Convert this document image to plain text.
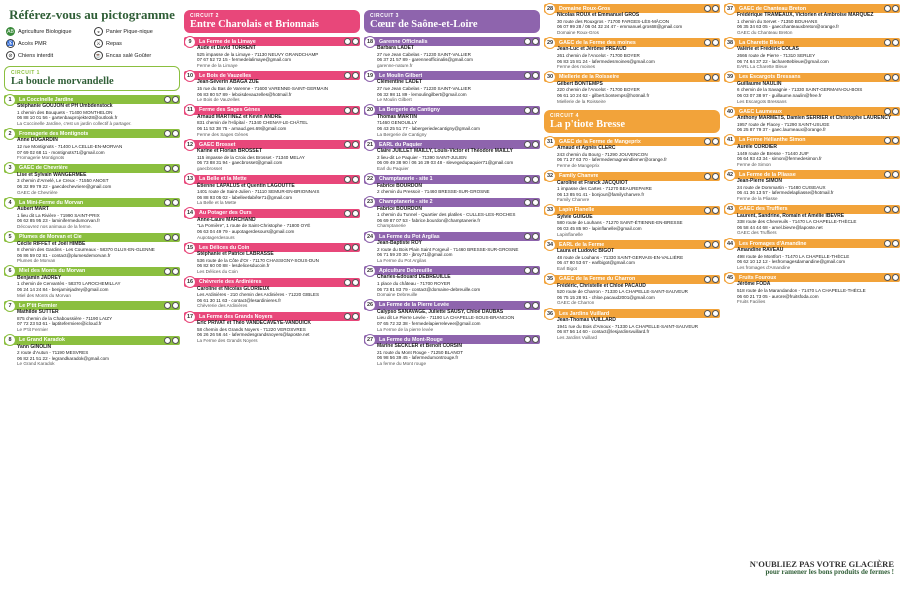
Référez-vous au pictogramme
AB Agriculture Biologique	◒	Panier Pique-nique
♿ Accès PMR	⚔ Repas
⊘ Chiens interdit	☕ Encas salé Goûter
CIRCUIT 1
La boucle morvandelle
1	La Coccinelle Jardine
Stéphanie GOUJON et PH Umbdenstock
1 chemin des Bouquets - 71400 MONTHELON
06 88 10 01 56 - gartenbauprojekte28@outlook.fr
La Coccinelle Jardine, c'est un jardin collectif à partager.
2	Fromagerie des Montignots
Anne DUGARDIN
12 rue Montignots - 71400 LA CELLE-EN-MORVAN
07 69 02 68 11 - montignots71@gmail.com
Fromagerie Montignots
3	GAEC de Chevrière
Lise et Sylvain WANGERMEE
3 chemin d'Arnelé, Le Creux - 71550 ANOST
06 32 99 79 22 - gaecdechevriere@gmail.com
GAEC de Chevrière
4	La Mini-Ferme du Morvan
Aubert MART
1 lieu dit La Rivière - 71990 SAINT-PRIX
06 62 85 95 23 - laminifermedumorvan.fr
Découvrez nos animaux de la ferme.
5	Plumes de Morvan et Cie
Cécile RIFFET et Joël HIMBE
8 chemin des Gardins - Les Courreaux - 58370 GLUX-EN-GLENNE
06 86 59 02 81 - contact@plumesdemorvan.fr
Plumes de Morvan
6	Miel des Monts du Morvan
Benjamin JADREY
1 chemin de Cervantès - 58370 LAROCHEMILLAY
06 24 14 24 84 - benjaminjadrey@gmail.com
Miel des Monts du Morvan
7	Le P'tit Fermier
Mathilde SUTTER
875 chemin de la Chaboussière - 71190 LAIZY
07 72 23 53 61 - laptitefermiere@icloud.fr
Le P'tit Fermier
8	Le Grand Karadok
Yann GINOLIN
2 route d'Autun - 71190 MESVRES
06 82 21 51 22 - legrandkaradok@gmail.com
Le Grand Karadok
CIRCUIT 2
Entre Charolais et Brionnais
9	La Ferme de la Limaye
Aude et David TORRENT
525 impasse de la Limaye - 71130 NEUVY GRANDCHAMP
07 67 52 72 15 - fermedelalimaye@gmail.com
Ferme de la Limaye
10	Le Bois de Vauzelles
Jean-Séverin ABAGA ZUE
15 rue du Bas de Varenne - 71600 VARENNE-SAINT-GERMAIN
06 83 80 57 89 - leboisdevauzelles@hotmail.fr
Le Bois de Vauzelles
11	Ferme des Sages Gènes
Arnaud MARTINEZ et Kevin ANDRE
831 chemin de l'Hôpital - 71340 CHENAY-LE-CHÂTEL
06 11 53 38 75 - arnaud.ges.69@gmail.com
Ferme des Sages Gènes
12	GAEC Brosset
Karine et Florian BROSSET
115 impasse de la Croix des Brosset - 71340 MELAY
06 73 88 31 94 - gaecbrosset@gmail.com
gaecbrosset
13	La Belle et la Mette
Étienne LAPALUS et Quentin LAGOUTTE
1401 route de Saint-Julien - 71110 SEMUR-EN-BRIONNAIS
06 88 93 05 02 - labelleetlabête71@gmail.com
La Belle et la Mette
14	Au Potager des Ours
Anne-Laure MARCHAND
"La Pomière", 1 route de Saint-Christophe - 71800 OYÉ
06 63 04 49 79 - aupotagerdesours@gmail.com
Aupotagerdesours
15	Les Délices du Coin
Stéphanie et Patrice LABRASSE
536 route de la Côte d'Or - 71170 CHASSIGNY-SOUS-DUN
06 82 60 00 88 - lesdelicesducoin.fr
Les Délices du Coin
16	Chèvrerie des Ardinières
Caroline et Nicolas GLORIEUX
Les Ardinières - 210 chemin des Ardinières - 71220 GIBLES
06 61 30 11 63 - contact@lesardinieres.fr
Chèvrerie des Ardinières
17	La Ferme des Grands Noyers
Eric PRIVAT et Théo VANDECAVEYE-VANDUICK
58 chemin des Grands Noyers - 71220 VEROSVRES
06 26 26 56 44 - lafermedesgrandsnoyers@laposte.net
La Ferme des Grands Noyers
CIRCUIT 3
Cœur de Saône-et-Loire
18	Garenne Officinalis
Barbara LADET
27 rue Jean Cabelas - 71230 SAINT-VALLIER
06 37 21 57 89 - garenneofficinalis@gmail.com
garenne-nature.fr
19	Le Moulin Gilbert
Clémentine LADET
27 rue Jean Cabelas - 71230 SAINT-VALLIER
06 32 98 11 89 - lemoulingilbert@gmail.com
Le Moulin Gilbert
20	La Bergerie de Cantigny
Thomas MARTIN
71460 GENOUILLY
06 43 25 51 77 - labergeriedecantigny@gmail.com
La Bergerie de Cantigny
21	EARL du Paquier
Claire JUILLET MAILLY, Louis-Victor et Théodore MAILLY
2 lieu-dit Le Paquier - 71390 SAINT-JULIEN
06 09 49 38 90 / 06 16 29 03 48 - slevegedupaquier71@gmail.com
Earl du Paquier
22	Champtanerie - site 1
Fabrice BOURDON
2 chemin du Pressoir - 71460 BRESSE-SUR-GROSNE
23	Champtanerie - site 2
Fabrice BOURDON
1 chemin du Tunnel - Quartier des platiles - CULLES-LES-ROCHES
06 69 87 07 53 - fabrice.bourdon@champtanerie.fr
Champtanerie
24	La Ferme du Pot Argilas
Jean-Baptiste ROY
2 route du Bois Plain Saint Forgeuil - 71460 BRESSE-SUR-GROSNE
06 71 59 20 30 - jbroy71@gmail.com
La Ferme du Pot Argilas
25	Apiculture Debreuille
Charles-Édouard DEBREUILLE
1 place du château - 71700 ROYER
06 73 81 83 79 - contact@domaine-debreuille.com
Domaine Debreuille
26	La Ferme de la Pierre Levée
Calypso SANAVAGE, Juliette SAUSY, Chloé DAUBAS
Lieu dit Le Pierre Levée - 71190 LA CHAPELLE-SOUS-BRANCION
07 65 72 32 38 - fermedelapierrelevee@gmail.com
La Ferme de la pierre levée
27	La Ferme du Mont-Rouge
Marine SECKLER et Benoît CORSIN
21 route du Mont Rouge - 71250 BLANOT
06 98 56 39 45 - lafermedumontrouge.fr
La ferme du Mont rouge
28	Domaine Roux-Gros
Nicolas ROUX et Emmanuel GROS
30 route des Rouxgros - 71700 FARGES-LÈS-MÂCON
06 07 99 28 / 06 04 32 24 47 - emmanuel.gros68@gmail.com
Domaine Roux-Gros
29	GAEC de la Ferme des moines
Jean-Luc et Jérôme PREAUD
261 chemin de l'Ancelot - 71700 BOYER
06 83 15 81 24 - lafermedesmoines@gmail.com
Ferme des moines
30	Miellerie de la Roisseire
Gilbert BONTEMPS
220 chemin de l'Ancelot - 71700 BOYER
06 61 10 24 62 - gilbert.bontemps@hotmail.fr
Miellerie de la Roisseire
CIRCUIT 4
La p'tiote Bresse
31	GAEC de la Ferme de Mangeprix
Arnaud et Agnès CLERC
243 chemin du Bourg - 71290 JOUVENCON
06 71 27 63 70 - lafermedemagneindlemer@orange.fr
Ferme de Mangeprix
32	Family Chanvre
Caroline et Franck JACQUIOT
1 impasse des Cartes - 71270 BEAUREPAIRE
06 13 85 91 41 - bonjour@familychanvre.fr
Family Chanvre
33	Lapin Flanelle
Sylvie GUIGUE
580 route de Louhans - 71270 SAINT-ÉTIENNE-EN-BRESSE
06 03 45 85 90 - lapinflanelle@gmail.com
Lapinflanelle
34	EARL de la Ferme
Laura et Ludovic BIGOT
48 route de Louhans - 71330 SAINT-GERVAIS-EN-VALLIÈRE
06 47 80 53 67 - earlbigot@gmail.com
Earl Bigot
35	GAEC de la Ferme du Charron
Frédéric, Christelle et Chloé PACAUD
520 route de Charron - 71330 LA CHAPELLE-SAINT-SAUVEUR
06 75 15 28 91 - chloe.pacaud2001@gmail.com
GAEC de Charron
36	Les Jardins Vuillard
Jean-Thomas VUILLARD
1941 rue du Bois d'Amoux - 71330 LA CHAPELLE-SAINT-SAUVEUR
06 87 56 14 60 - contact@lesjardinsvuillard.fr
Les Jardins Vuillard
37	GAEC de Chanteau Breton
Frédérique TRAMEAUX, Victorien et Ambroise MARQUEZ
1 chemin du Servet - 71350 BOUHANS
06 35 34 63 05 - gaecchanteauxbreton@orange.fr
GAEC du Chanteau Breton
38	La Charette Bleue
Valérie et Frédéric COLAS
2666 route de Pierre - 71310 SERLEY
06 74 64 37 22 - lacharettebleue@gmail.com
EARL La Charette Bleue
39	Les Escargots Bressans
Guillaume NAULIN
6 chemin de la Savagnie - 71330 SAINT-GERMAIN-DU-BOIS
06 03 07 38 97 - guillaume.naulin@free.fr
Les Escargots Bressans
40	GAEC Laumeaux
Anthony MARMETS, Damien SERRIER et Christophe LAURENCY
1957 route de Flacey - 71290 SAINT-USUGE
06 25 87 79 37 - gaec.laumeaux@orange.fr
41	La Ferme Hélianthe Simon
Aurèle CORDIER
1449 route de Bresse - 71440 JUIF
06 64 93 43 34 - simon@fermedesimon.fr
Ferme de Simon
42	La Ferme de la Pliasse
Jean-Pierre SIMON
24 route de Dommartin - 71480 CUISEAUX
06 41 36 13 57 - lafermedelapliasse@hotmail.fr
Ferme de la Pliasse
43	GAEC des Truffiers
Laurent, Sandrine, Romain et Amélie IBEVRE
338 route des Chevreuils - 71470 LA CHAPELLE-THÈCLE
06 58 44 44 68 - amel.bievre@laposte.net
GAEC des Truffiers
44	Les Fromages d'Amandine
Amandine RAVEAU
498 route de Montfort - 71470 LA CHAPELLE-THÈCLE
06 62 10 12 12 - lesfromagesdamandine@gmail.com
Les fromages d'Amandine
45	Fruits Fouroux
Jérôme FODA
518 route de la Marandandon - 71470 LA CHAPELLE-THÈCLE
06 60 21 73 05 - aurore@fruitsfoda.com
Fruits Facilies
N'OUBLIEZ PAS VOTRE GLACIÈRE
pour ramener les bons produits de fermes !
